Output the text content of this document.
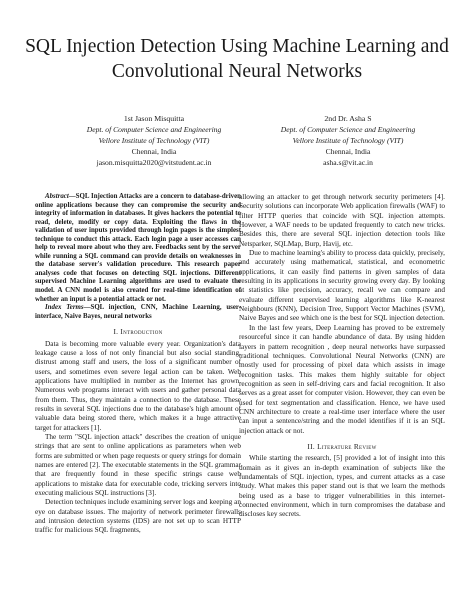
SQL Injection Detection Using Machine Learning and Convolutional Neural Networks
1st Jason Misquitta
Dept. of Computer Science and Engineering
Vellore Institute of Technology (VIT)
Chennai, India
jason.misquitta2020@vitstudent.ac.in
2nd Dr. Asha S
Dept. of Computer Science and Engineering
Vellore Institute of Technology (VIT)
Chennai, India
asha.s@vit.ac.in

Abstract—SQL Injection Attacks are a concern to database-driven online applications because they can compromise the security and integrity of information in databases. It gives hackers the potential to read, delete, modify or copy data. Exploiting the flaws in the validation of user inputs provided through login pages is the simplest technique to conduct this attack. Each login page a user accesses can help to reveal more about who they are. Feedbacks sent by the server while running a SQL command can provide details on weaknesses in the database server's validation procedure. This research paper analyses code that focuses on detecting SQL injections. Different supervised Machine Learning algorithms are used to evaluate the model. A CNN model is also created for real-time identification of whether an input is a potential attack or not.

Index Terms—SQL injection, CNN, Machine Learning, user-interface, Naive Bayes, neural networks

I. Introduction

Data is becoming more valuable every year. Organization's data leakage cause a loss of not only financial but also social standing, distrust among staff and users, the loss of a significant number of users, and sometimes even severe legal action can be taken. Web applications have multiplied in number as the Internet has grown. Numerous web programs interact with users and gather personal data from them. Thus, they maintain a connection to the database. These results in several SQL injections due to the database's high amount of valuable data being stored there, which makes it a huge attractive target for attackers [1].

The term "SQL injection attack" describes the creation of unique strings that are sent to online applications as parameters when web forms are submitted or when page requests or query strings for domain names are entered [2]. The executable statements in the SQL grammar that are frequently found in these specific strings cause web applications to mistake data for executable code, tricking servers into executing malicious SQL instructions [3].

Detection techniques include examining server logs and keeping an eye on database issues. The majority of network perimeter firewalls and intrusion detection systems (IDS) are not set up to scan HTTP traffic for malicious SQL fragments,

allowing an attacker to get through network security perimeters [4]. Security solutions can incorporate Web application firewalls (WAF) to filter HTTP queries that coincide with SQL injection attempts. However, a WAF needs to be updated frequently to catch new tricks. Besides this, there are several SQL injection detection tools like Netsparker, SQLMap, Burp, Havij, etc.

Due to machine learning's ability to process data quickly, precisely, and accurately using mathematical, statistical, and econometric applications, it can easily find patterns in given samples of data resulting in its applications in security growing every day. By looking at statistics like precision, accuracy, recall we can compare and evaluate different supervised learning algorithms like K-nearest Neighbours (KNN), Decision Tree, Support Vector Machines (SVM), Naive Bayes and see which one is the best for SQL injection detection.

In the last few years, Deep Learning has proved to be extremely resourceful since it can handle abundance of data. By using hidden layers in pattern recognition , deep neural networks have surpassed traditional techniques. Convolutional Neural Networks (CNN) are mostly used for processing of pixel data which assists in image recognition tasks. This makes them highly suitable for object recognition as seen in self-driving cars and facial recognition. It also serves as a great asset for computer vision. However, they can even be used for text segmentation and classification. Hence, we have used CNN architecture to create a real-time user interface where the user can input a sentence/string and the model identifies if it is an SQL injection attack or not.

II. Literature Review

While starting the research, [5] provided a lot of insight into this domain as it gives an in-depth examination of subjects like the fundamentals of SQL injection, types, and current attacks as a case study. What makes this paper stand out is that we learn the methods being used as a base to trigger vulnerabilities in this internet-connected environment, which in turn compromises the database and discloses key secrets.
